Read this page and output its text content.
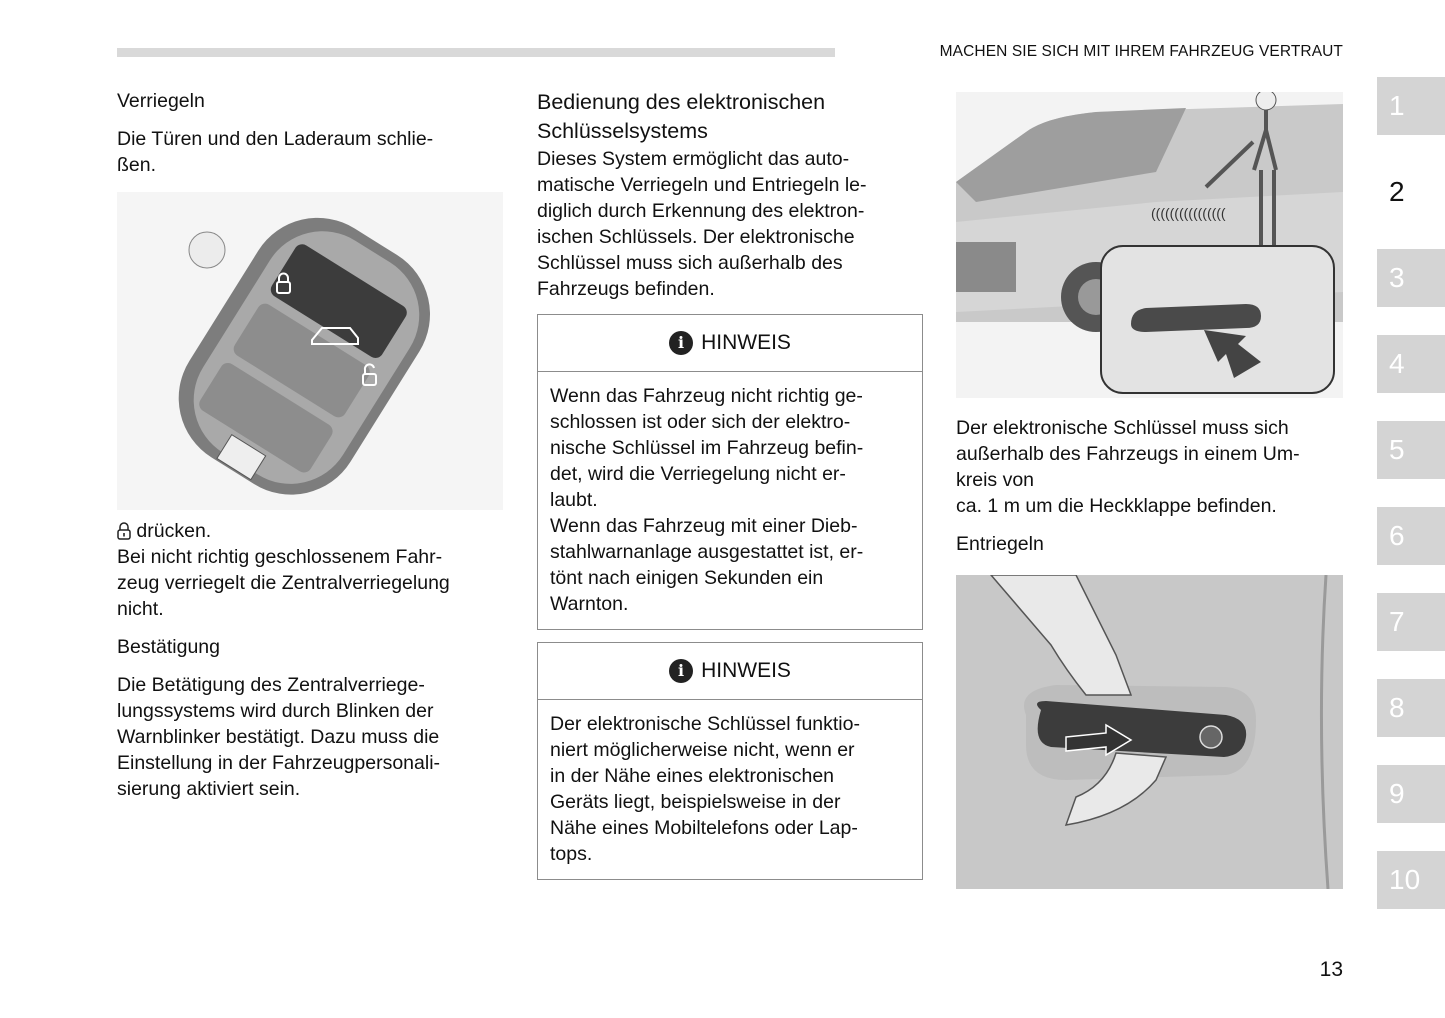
MACHEN SIE SICH MIT IHREM FAHRZEUG VERTRAUT

Verriegeln

Die Türen und den Laderaum schlie-

ßen.

drücken.

Bei nicht richtig geschlossenem Fahr-

zeug verriegelt die Zentralverriegelung

nicht.

Bestätigung

Die Betätigung des Zentralverriege-

lungssystems wird durch Blinken der

Warnblinker bestätigt. Dazu muss die

Einstellung in der Fahrzeugpersonali-

sierung aktiviert sein.

Bedienung des elektronischen
Schlüsselsystems

Dieses System ermöglicht das auto-

matische Verriegeln und Entriegeln le-

diglich durch Erkennung des elektron-

ischen Schlüssels. Der elektronische

Schlüssel muss sich außerhalb des

Fahrzeugs befinden.

i HINWEIS

Wenn das Fahrzeug nicht richtig ge-

schlossen ist oder sich der elektro-

nische Schlüssel im Fahrzeug befin-

det, wird die Verriegelung nicht er-

laubt.

Wenn das Fahrzeug mit einer Dieb-

stahlwarnanlage ausgestattet ist, er-

tönt nach einigen Sekunden ein

Warnton.

i HINWEIS

Der elektronische Schlüssel funktio-

niert möglicherweise nicht, wenn er

in der Nähe eines elektronischen

Geräts liegt, beispielsweise in der

Nähe eines Mobiltelefons oder Lap-

tops.

((((((((((((((((

Der elektronische Schlüssel muss sich

außerhalb des Fahrzeugs in einem Um-

kreis von

ca. 1 m um die Heckklappe befinden.

Entriegeln

1
2
3
4
5
6
7
8
9
10
13
